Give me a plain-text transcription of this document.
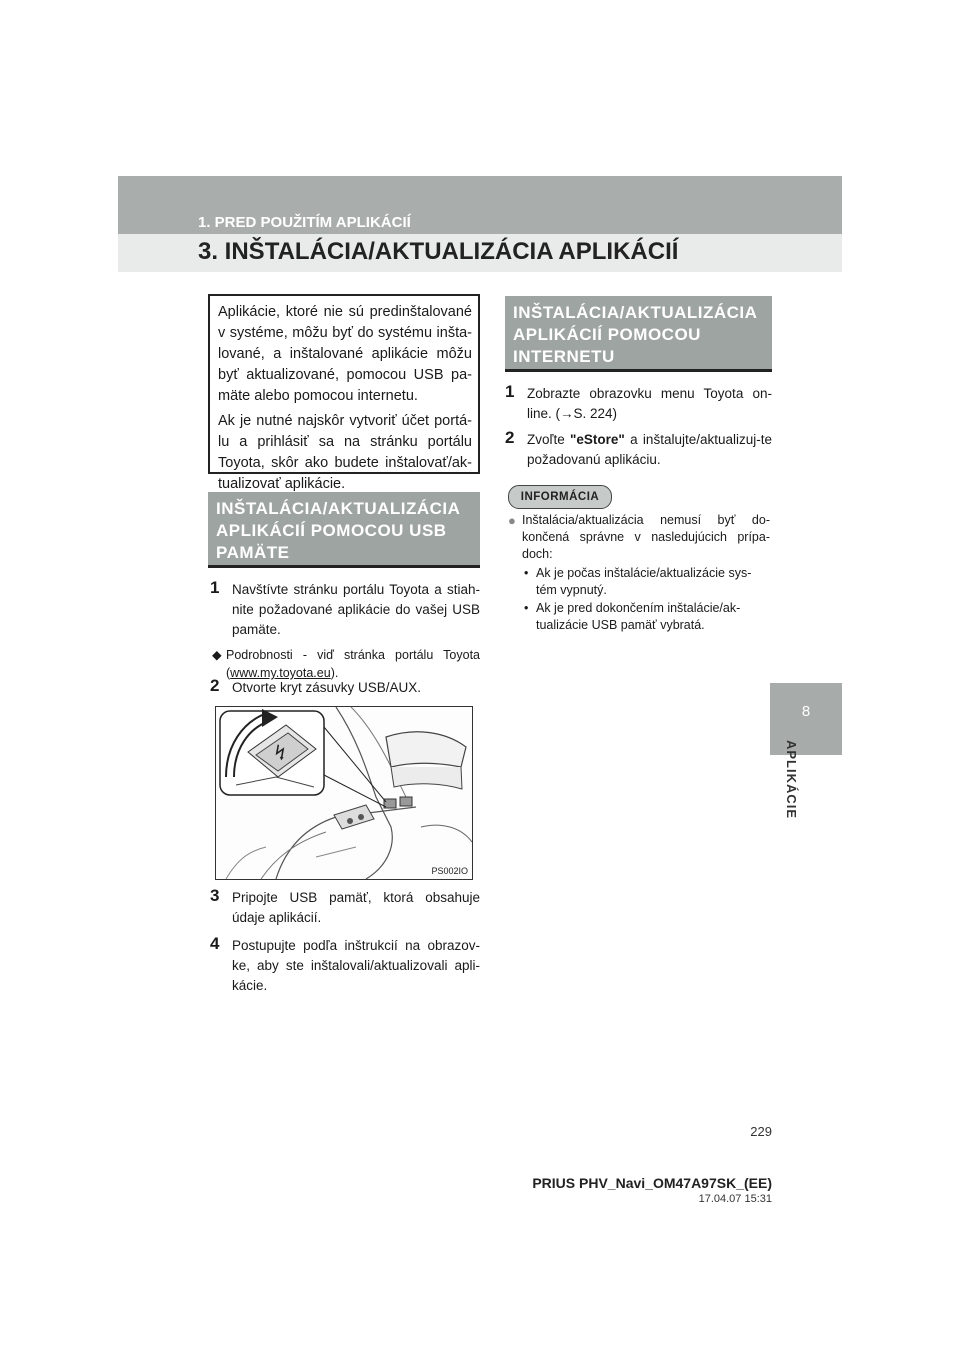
1. PRED POUŽITÍM APLIKÁCIÍ
3. INŠTALÁCIA/AKTUALIZÁCIA APLIKÁCIÍ
8
APLIKÁCIE

Aplikácie, ktoré nie sú predinštalované v systéme, môžu byť do systému inšta-lované, a inštalované aplikácie môžu byť aktualizované, pomocou USB pa-mäte alebo pomocou internetu.

Ak je nutné najskôr vytvoriť účet portá-lu a prihlásiť sa na stránku portálu Toyota, skôr ako budete inštalovať/ak-tualizovať aplikácie.

INŠTALÁCIA/AKTUALIZÁCIA APLIKÁCIÍ POMOCOU USB PAMÄTE
1 Navštívte stránku portálu Toyota a stiah-nite požadované aplikácie do vašej USB pamäte.
◆ Podrobnosti - viď stránka portálu Toyota (www.my.toyota.eu).
2 Otvorte kryt zásuvky USB/AUX.
⭍
PS002IO
3 Pripojte USB pamäť, ktorá obsahuje údaje aplikácií.
4 Postupujte podľa inštrukcií na obrazov-ke, aby ste inštalovali/aktualizovali apli-kácie.
INŠTALÁCIA/AKTUALIZÁCIA APLIKÁCIÍ POMOCOU INTERNETU
1 Zobrazte obrazovku menu Toyota on-line. (→S. 224)
2 Zvoľte "eStore" a inštalujte/aktualizuj-te požadovanú aplikáciu.
INFORMÁCIA
● Inštalácia/aktualizácia nemusí byť do-končená správne v nasledujúcich prípa-doch:
• Ak je počas inštalácie/aktualizácie sys-tém vypnutý.
• Ak je pred dokončením inštalácie/ak-tualizácie USB pamäť vybratá.
229
PRIUS PHV_Navi_OM47A97SK_(EE)
17.04.07 15:31
